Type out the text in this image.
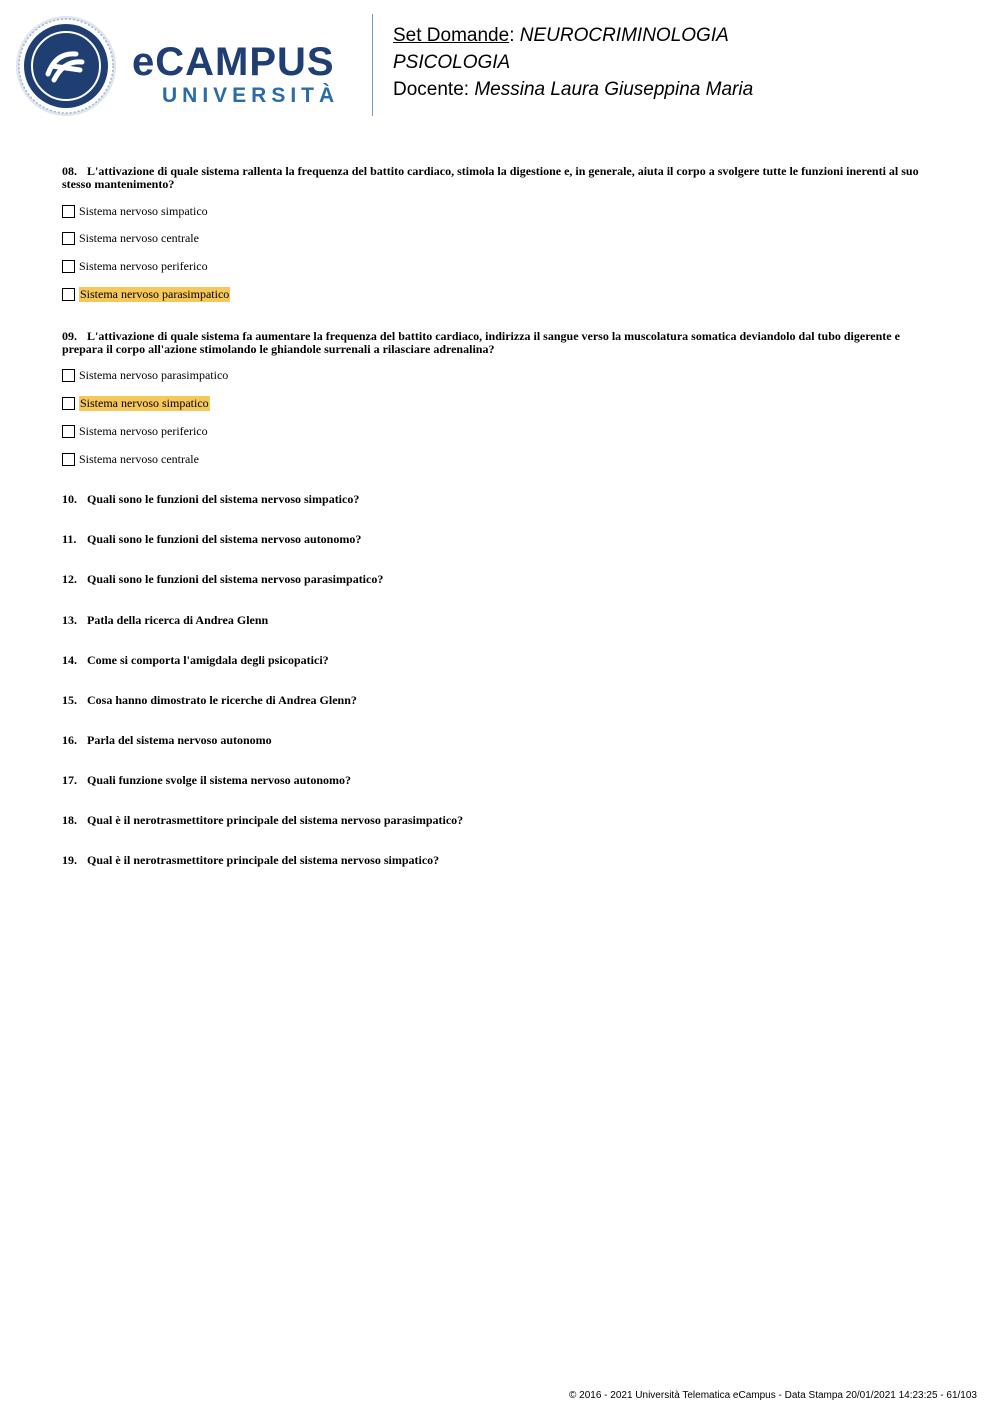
eCAMPUS
UNIVERSITÀ
Set Domande: NEUROCRIMINOLOGIA
PSICOLOGIA
Docente: Messina Laura Giuseppina Maria
08. L'attivazione di quale sistema rallenta la frequenza del battito cardiaco, stimola la digestione e, in generale, aiuta il corpo a svolgere tutte le funzioni inerenti al suo stesso mantenimento?
Sistema nervoso simpatico
Sistema nervoso centrale
Sistema nervoso periferico
Sistema nervoso parasimpatico
09. L'attivazione di quale sistema fa aumentare la frequenza del battito cardiaco, indirizza il sangue verso la muscolatura somatica deviandolo dal tubo digerente e prepara il corpo all'azione stimolando le ghiandole surrenali a rilasciare adrenalina?
Sistema nervoso parasimpatico
Sistema nervoso simpatico
Sistema nervoso periferico
Sistema nervoso centrale
10. Quali sono le funzioni del sistema nervoso simpatico?
11. Quali sono le funzioni del sistema nervoso autonomo?
12. Quali sono le funzioni del sistema nervoso parasimpatico?
13. Patla della ricerca di Andrea Glenn
14. Come si comporta l'amigdala degli psicopatici?
15. Cosa hanno dimostrato le ricerche di Andrea Glenn?
16. Parla del sistema nervoso autonomo
17. Quali funzione svolge il sistema nervoso autonomo?
18. Qual è il nerotrasmettitore principale del sistema nervoso parasimpatico?
19. Qual è il nerotrasmettitore principale del sistema nervoso simpatico?
© 2016 - 2021 Università Telematica eCampus - Data Stampa 20/01/2021 14:23:25 - 61/103
